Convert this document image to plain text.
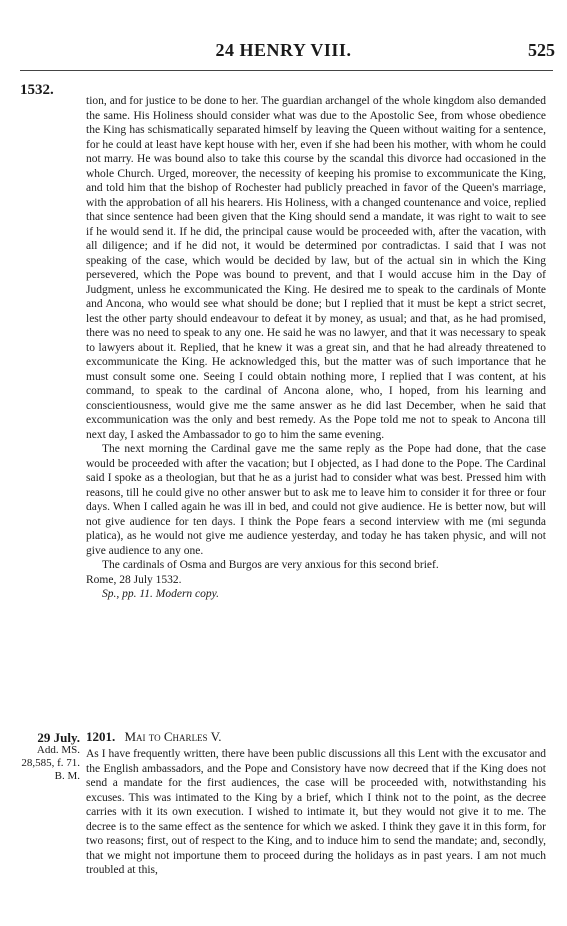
24 HENRY VIII.	525
1532.

tion, and for justice to be done to her. The guardian archangel of the whole kingdom also demanded the same. His Holiness should consider what was due to the Apostolic See, from whose obedience the King has schismatically separated himself by leaving the Queen without waiting for a sentence, for he could at least have kept house with her, even if she had been his mother, with whom he could not marry. He was bound also to take this course by the scandal this divorce had occasioned in the whole Church. Urged, moreover, the necessity of keeping his promise to excommunicate the King, and told him that the bishop of Rochester had publicly preached in favor of the Queen's marriage, with the approbation of all his hearers. His Holiness, with a changed countenance and voice, replied that since sentence had been given that the King should send a mandate, it was right to wait to see if he would send it. If he did, the principal cause would be proceeded with, after the vacation, with all diligence; and if he did not, it would be determined por contradictas. I said that I was not speaking of the case, which would be decided by law, but of the actual sin in which the King persevered, which the Pope was bound to prevent, and that I would accuse him in the Day of Judgment, unless he excommunicated the King. He desired me to speak to the cardinals of Monte and Ancona, who would see what should be done; but I replied that it must be kept a strict secret, lest the other party should endeavour to defeat it by money, as usual; and that, as he had promised, there was no need to speak to any one. He said he was no lawyer, and that it was necessary to speak to lawyers about it. Replied, that he knew it was a great sin, and that he had already threatened to excommunicate the King. He acknowledged this, but the matter was of such importance that he must consult some one. Seeing I could obtain nothing more, I replied that I was content, at his command, to speak to the cardinal of Ancona alone, who, I hoped, from his learning and conscientiousness, would give me the same answer as he did last December, when he said that excommunication was the only and best remedy. As the Pope told me not to speak to Ancona till next day, I asked the Ambassador to go to him the same evening.

The next morning the Cardinal gave me the same reply as the Pope had done, that the case would be proceeded with after the vacation; but I objected, as I had done to the Pope. The Cardinal said I spoke as a theologian, but that he as a jurist had to consider what was best. Pressed him with reasons, till he could give no other answer but to ask me to leave him to consider it for three or four days. When I called again he was ill in bed, and could not give audience. He is better now, but will not give audience for ten days. I think the Pope fears a second interview with me (mi segunda platica), as he would not give me audience yesterday, and today he has taken physic, and will not give audience to any one.

The cardinals of Osma and Burgos are very anxious for this second brief.

Rome, 28 July 1532.

Sp., pp. 11. Modern copy.

29 July.
Add. MS.
28,585, f. 71.
B. M.
1201. Mai to Charles V.

As I have frequently written, there have been public discussions all this Lent with the excusator and the English ambassadors, and the Pope and Consistory have now decreed that if the King does not send a mandate for the first audiences, the case will be proceeded with, notwithstanding his excuses. This was intimated to the King by a brief, which I think not to the point, as the decree carries with it its own execution. I wished to intimate it, but they would not give it to me. The decree is to the same effect as the sentence for which we asked. I think they gave it in this form, for two reasons; first, out of respect to the King, and to induce him to send the mandate; and, secondly, that we might not importune them to proceed during the holidays as in past years. I am not much troubled at this,
